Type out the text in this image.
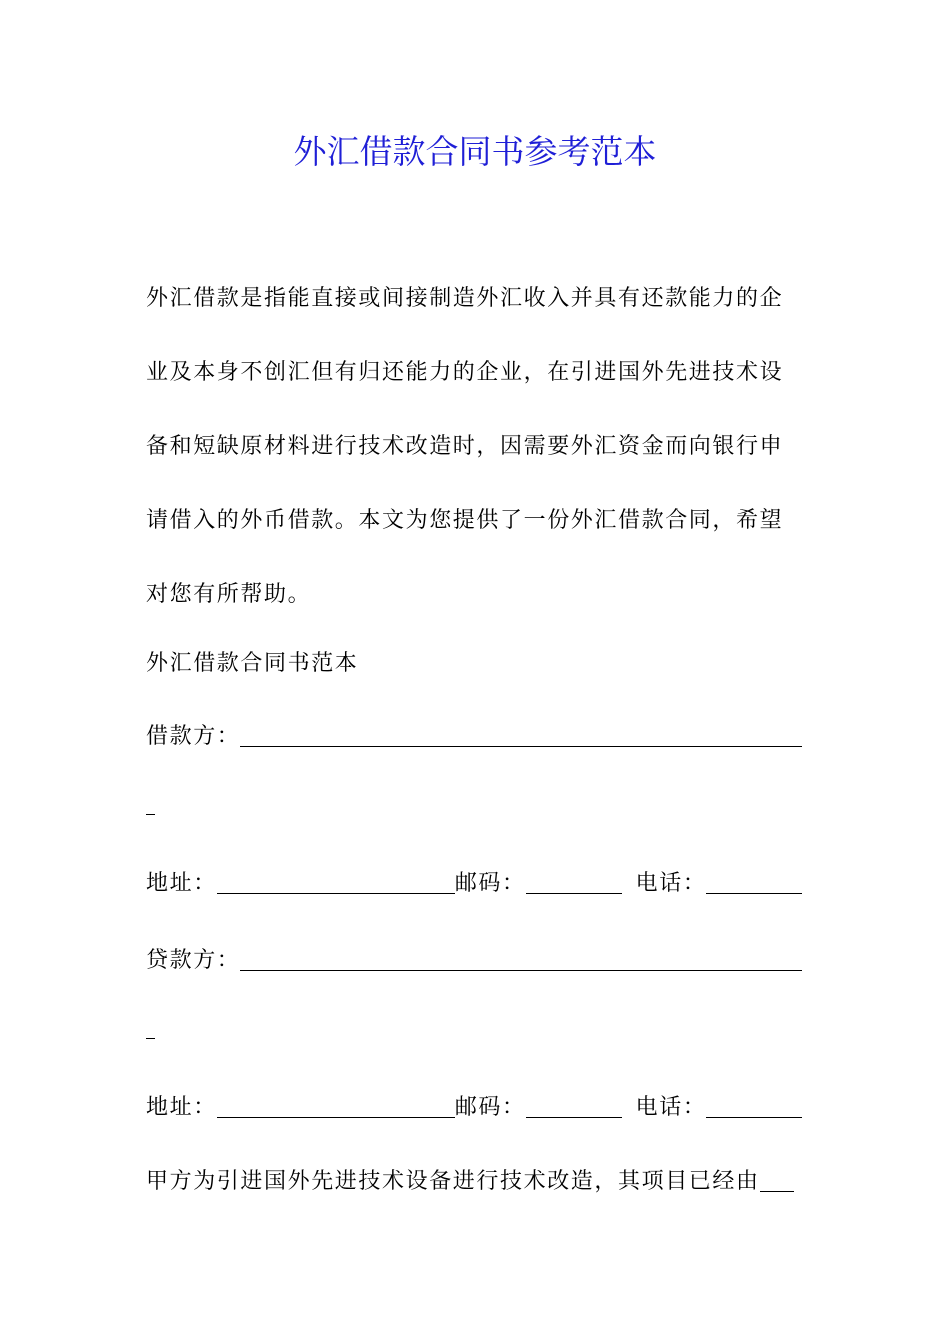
外汇借款合同书参考范本
外汇借款是指能直接或间接制造外汇收入并具有还款能力的企业及本身不创汇但有归还能力的企业，在引进国外先进技术设备和短缺原材料进行技术改造时，因需要外汇资金而向银行申请借入的外币借款。本文为您提供了一份外汇借款合同，希望对您有所帮助。
外汇借款合同书范本
借款方：
地址：	邮码：	电话：
贷款方：
地址：	邮码：	电话：
甲方为引进国外先进技术设备进行技术改造，其项目已经由
